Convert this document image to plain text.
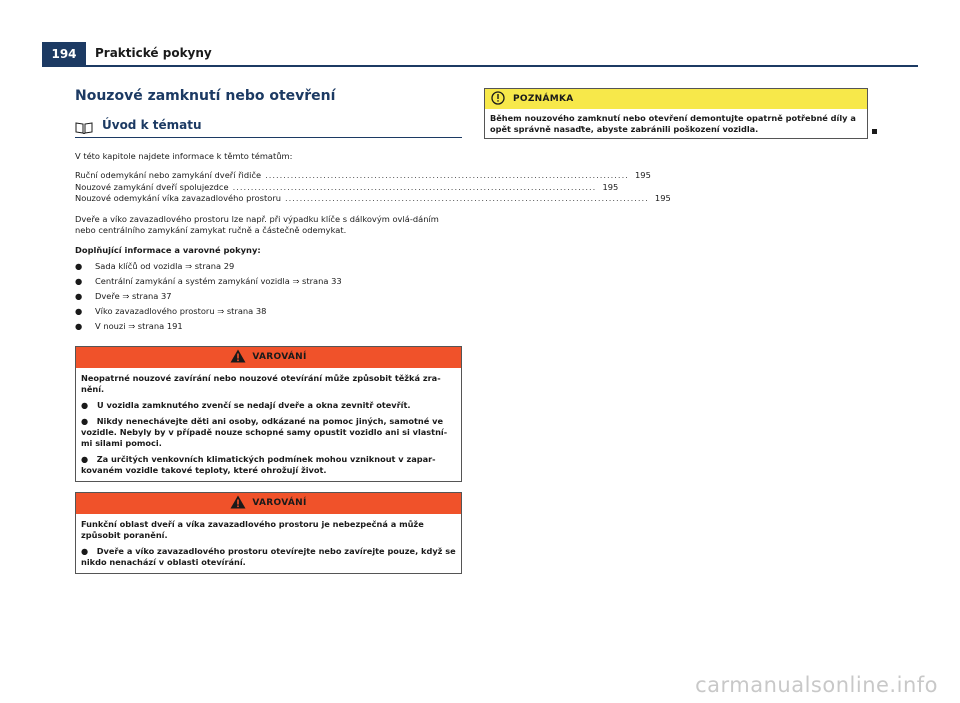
194	Praktické pokyny
Nouzové zamknutí nebo otevření
Úvod k tématu

V této kapitole najdete informace k těmto tématům:

Ruční odemykání nebo zamykání dveří řidiče .................................................................................................... 195
Nouzové zamykání dveří spolujezdce .................................................................................................... 195
Nouzové odemykání víka zavazadlového prostoru .................................................................................................... 195

Dveře a víko zavazadlového prostoru lze např. při výpadku klíče s dálkovým ovlá-dáním nebo centrálního zamykání zamykat ručně a částečně odemykat.

Doplňující informace a varovné pokyny:

●	Sada klíčů od vozidla ⇒ strana 29
●	Centrální zamykání a systém zamykání vozidla ⇒ strana 33
●	Dveře ⇒ strana 37
●	Víko zavazadlového prostoru ⇒ strana 38
●	V nouzi ⇒ strana 191
VAROVÁNÍ

Neopatrné nouzové zavírání nebo nouzové otevírání může způsobit těžká zra-nění.

●	U vozidla zamknutého zvenčí se nedají dveře a okna zevnitř otevřít.

●   Nikdy nenechávejte děti ani osoby, odkázané na pomoc jiných, samotné ve vozidle. Nebyly by v případě nouze schopné samy opustit vozidlo ani si vlastní-mi silami pomoci.

●   Za určitých venkovních klimatických podmínek mohou vzniknout v zapar-kovaném vozidle takové teploty, které ohrožují život.

VAROVÁNÍ

Funkční oblast dveří a víka zavazadlového prostoru je nebezpečná a může způsobit poranění.

●   Dveře a víko zavazadlového prostoru otevírejte nebo zavírejte pouze, když se nikdo nenachází v oblasti otevírání.

POZNÁMKA

Během nouzového zamknutí nebo otevření demontujte opatrně potřebné díly a opět správně nasaďte, abyste zabránili poškození vozidla.

carmanualsonline.info
